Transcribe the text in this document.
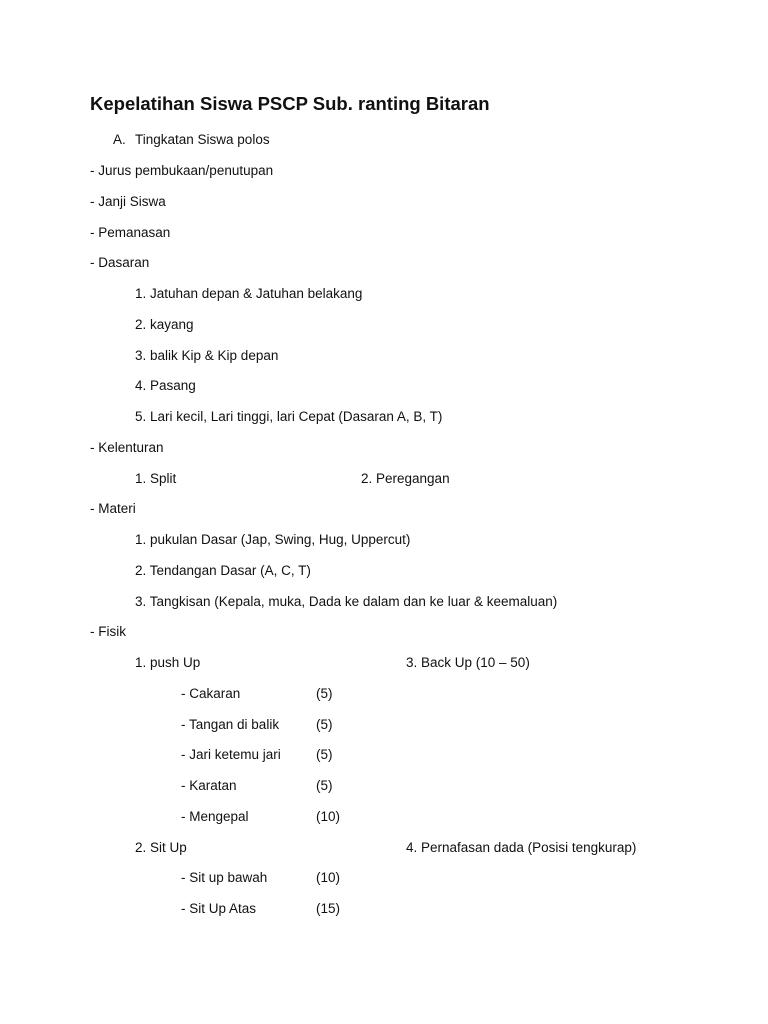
Kepelatihan Siswa PSCP Sub. ranting Bitaran
A. Tingkatan Siswa polos
- Jurus pembukaan/penutupan
- Janji Siswa
- Pemanasan
- Dasaran
1. Jatuhan depan & Jatuhan belakang
2. kayang
3. balik Kip & Kip depan
4. Pasang
5. Lari kecil, Lari tinggi, lari Cepat (Dasaran A, B, T)
- Kelenturan
1. Split	2. Peregangan
- Materi
1. pukulan Dasar (Jap, Swing, Hug, Uppercut)
2. Tendangan Dasar (A, C, T)
3. Tangkisan (Kepala, muka, Dada ke dalam dan ke luar & keemaluan)
- Fisik
1. push Up	3. Back Up (10 – 50)
- Cakaran	(5)
- Tangan di balik	(5)
- Jari ketemu jari	(5)
- Karatan	(5)
- Mengepal	(10)
2. Sit Up	4. Pernafasan dada (Posisi tengkurap)
- Sit up bawah	(10)
- Sit Up Atas	(15)
